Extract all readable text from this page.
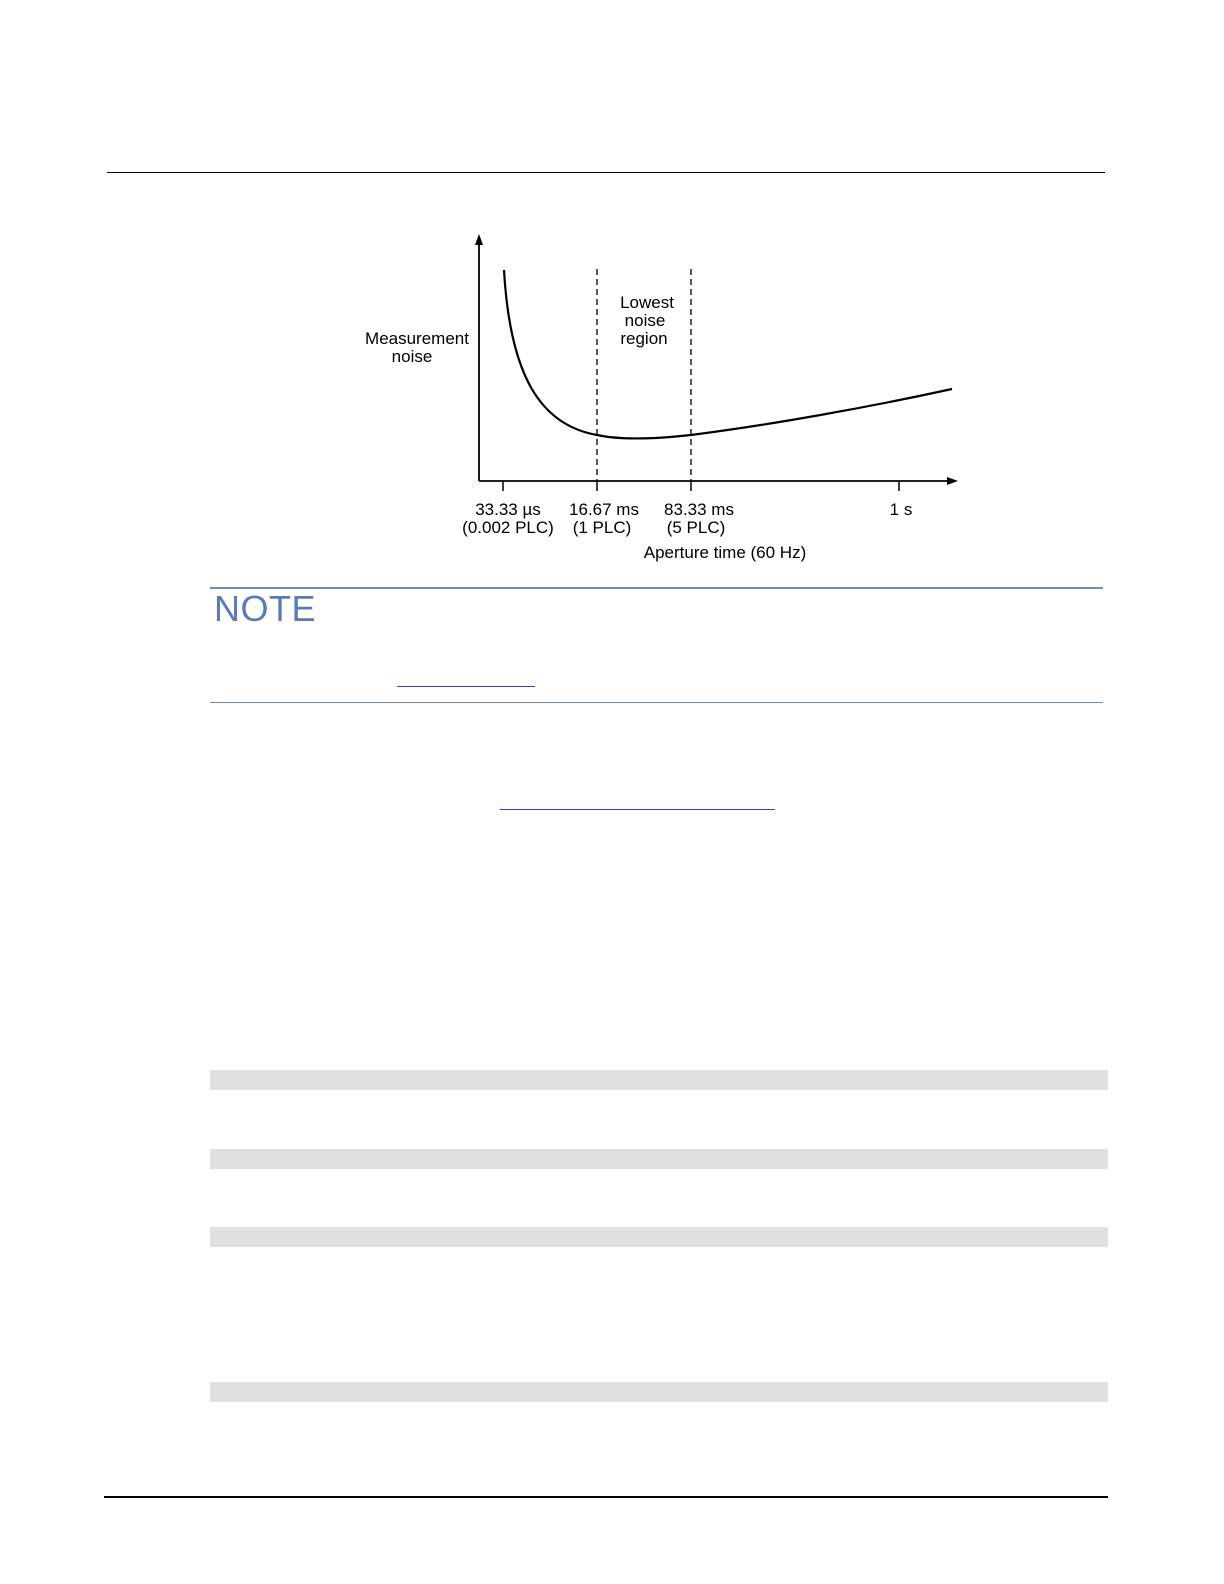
Measurement
noise
Lowest
noise
region
33.33 µs
(0.002 PLC)
16.67 ms
(1 PLC)
83.33 ms
(5 PLC)
1 s
Aperture time (60 Hz)
NOTE
